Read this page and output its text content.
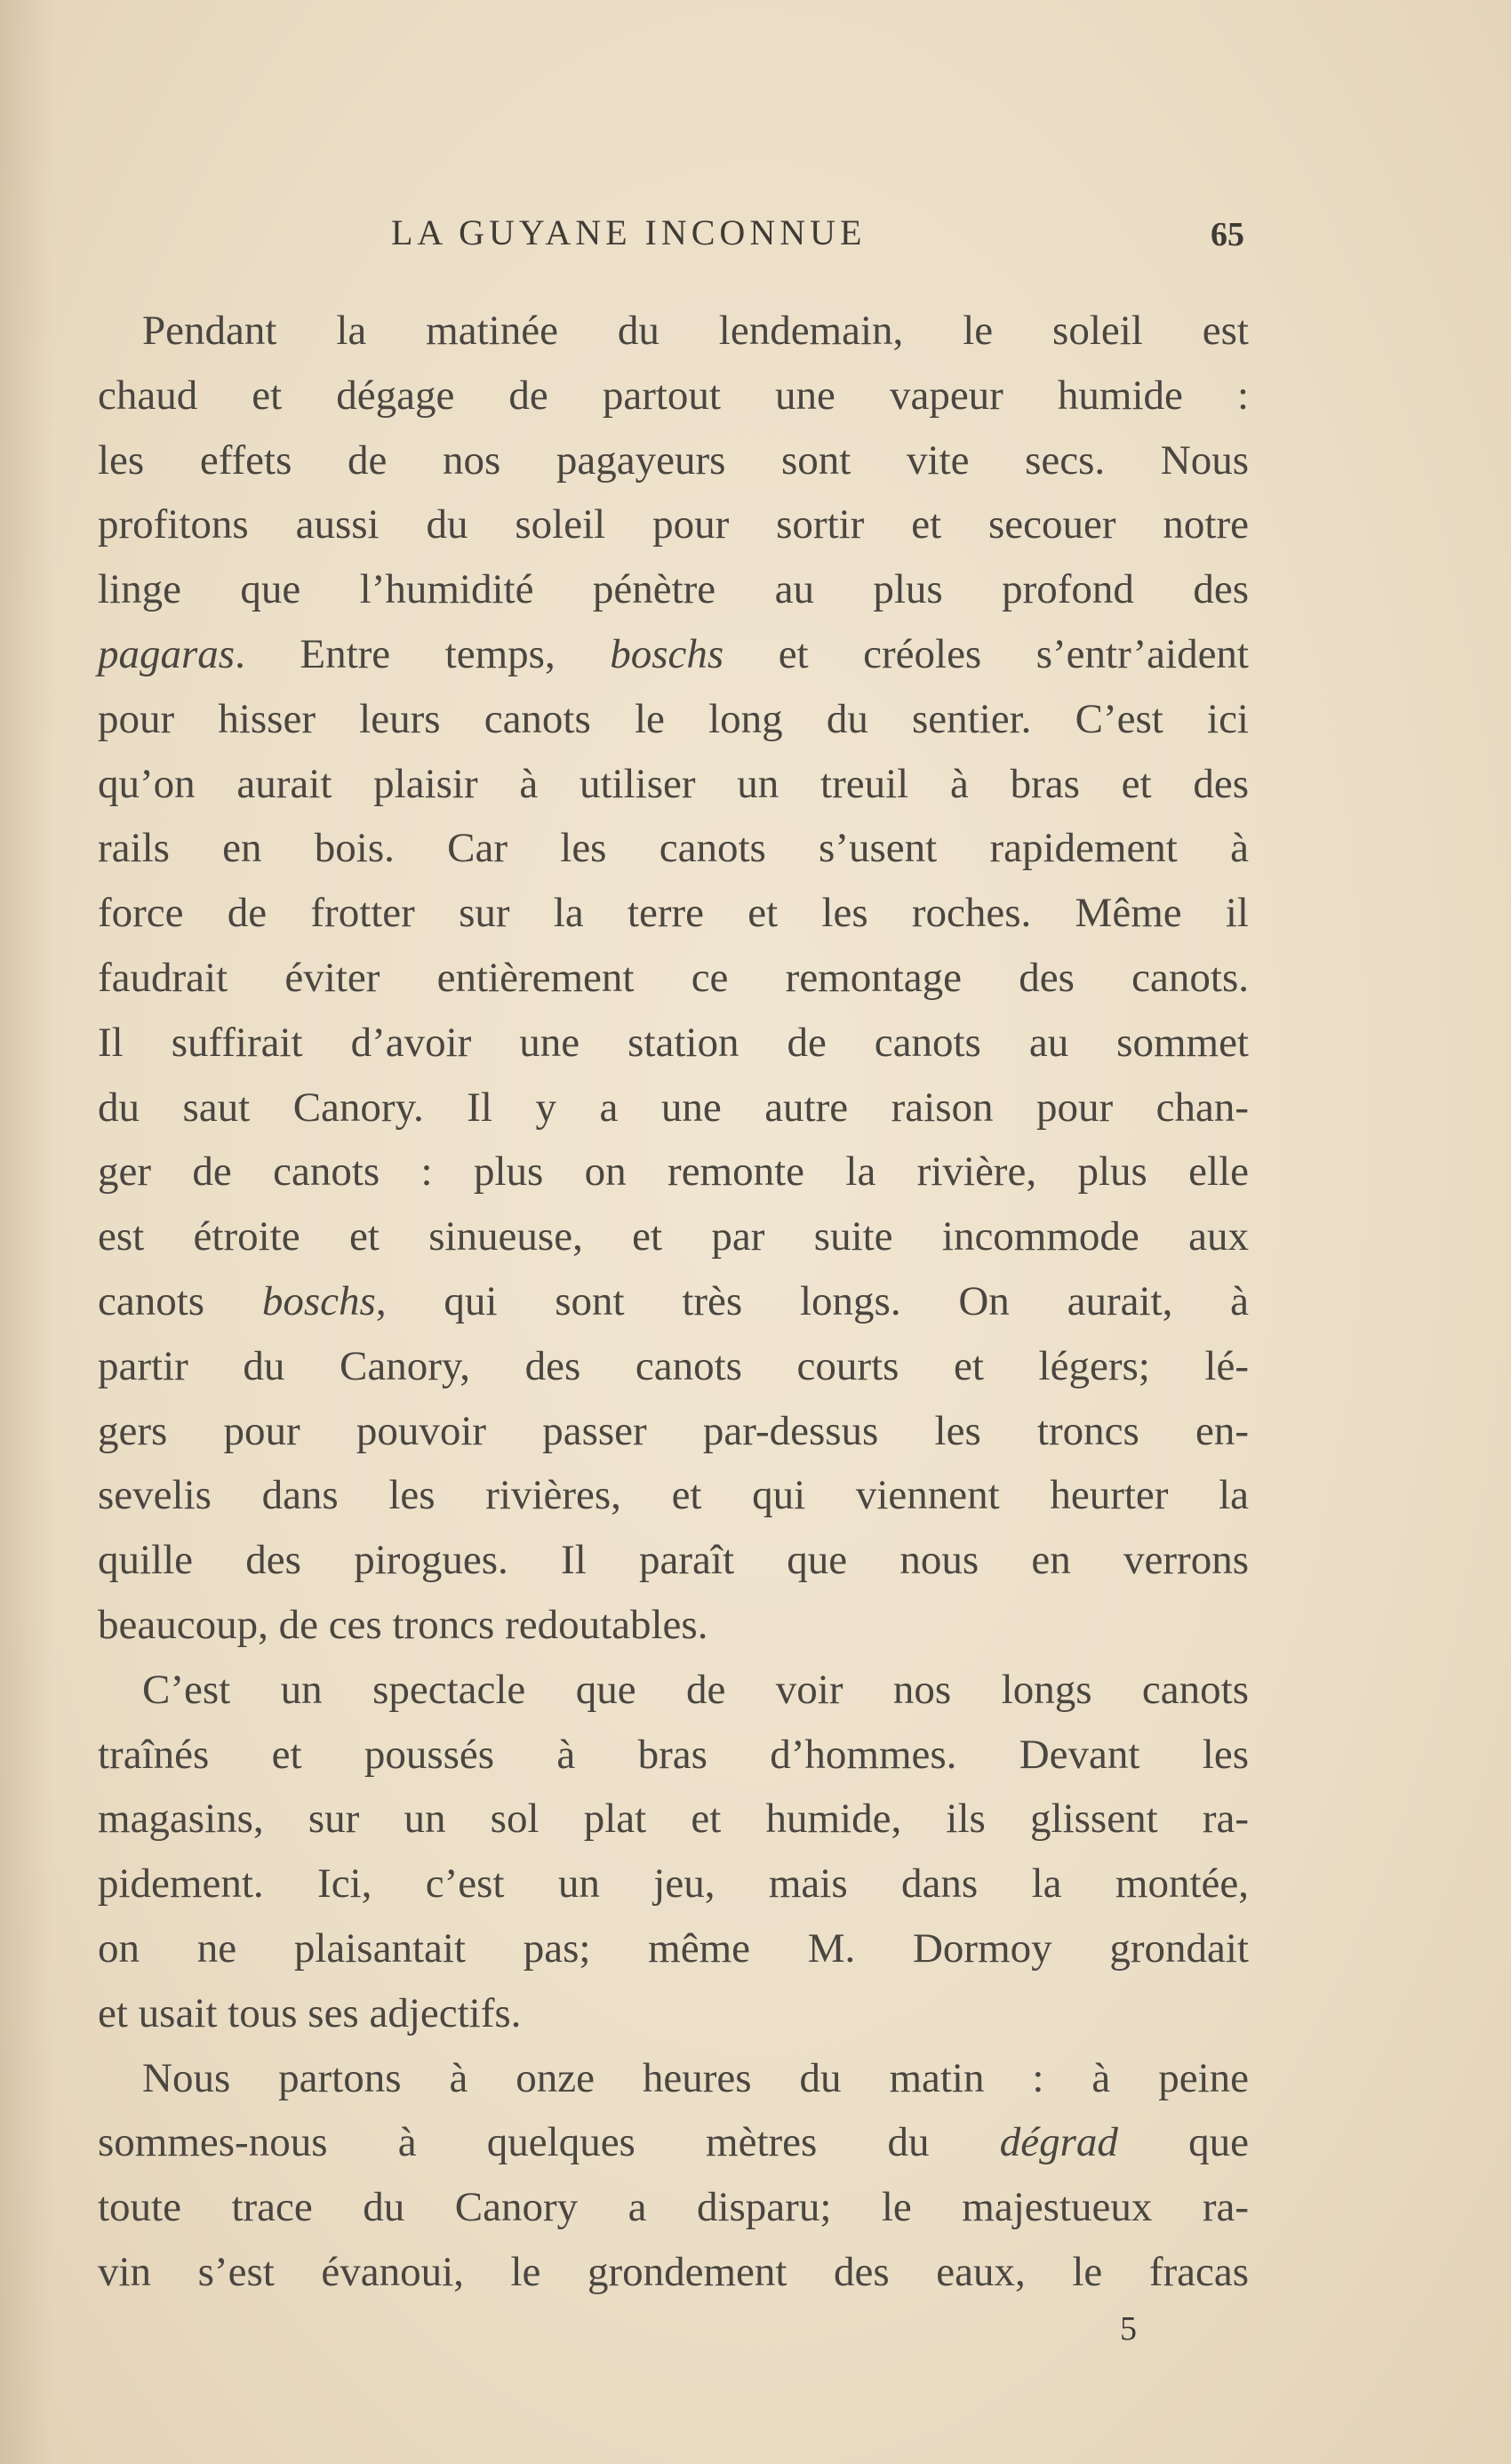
LA GUYANE INCONNUE	65
Pendant la matinée du lendemain, le soleil est
chaud et dégage de partout une vapeur humide :
les effets de nos pagayeurs sont vite secs. Nous
profitons aussi du soleil pour sortir et secouer notre
linge que l’humidité pénètre au plus profond des
pagaras. Entre temps, boschs et créoles s’entr’aident
pour hisser leurs canots le long du sentier. C’est ici
qu’on aurait plaisir à utiliser un treuil à bras et des
rails en bois. Car les canots s’usent rapidement à
force de frotter sur la terre et les roches. Même il
faudrait éviter entièrement ce remontage des canots.
Il suffirait d’avoir une station de canots au sommet
du saut Canory. Il y a une autre raison pour chan-
ger de canots : plus on remonte la rivière, plus elle
est étroite et sinueuse, et par suite incommode aux
canots boschs, qui sont très longs. On aurait, à
partir du Canory, des canots courts et légers; lé-
gers pour pouvoir passer par-dessus les troncs en-
sevelis dans les rivières, et qui viennent heurter la
quille des pirogues. Il paraît que nous en verrons
beaucoup, de ces troncs redoutables.
C’est un spectacle que de voir nos longs canots
traînés et poussés à bras d’hommes. Devant les
magasins, sur un sol plat et humide, ils glissent ra-
pidement. Ici, c’est un jeu, mais dans la montée,
on ne plaisantait pas; même M. Dormoy grondait
et usait tous ses adjectifs.
Nous partons à onze heures du matin : à peine
sommes-nous à quelques mètres du dégrad que
toute trace du Canory a disparu; le majestueux ra-
vin s’est évanoui, le grondement des eaux, le fracas
5
